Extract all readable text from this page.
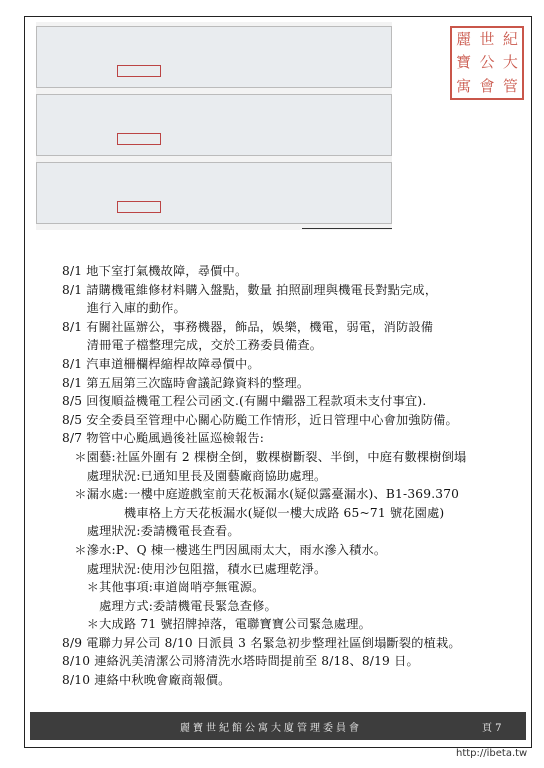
麗 世 紀
寶 公 大
寓 會 管
8/1 地下室打氣機故障，尋價中。
8/1 請購機電維修材料購入盤點，數量 拍照副理與機電長對點完成，
　　進行入庫的動作。
8/1 有關社區辦公，事務機器，飾品，娛樂，機電，弱電，消防設備
　　清冊電子檔整理完成，交於工務委員備查。
8/1 汽車道柵欄桿縮桿故障尋價中。
8/1 第五屆第三次臨時會議記錄資料的整理。
8/5 回復順益機電工程公司函文.(有關中繼器工程款項未支付事宜).
8/5 安全委員至管理中心關心防颱工作情形，近日管理中心會加強防備。
8/7 物管中心颱風過後社區巡檢報告:
　＊園藝:社區外圍有 2 棵樹全倒，數棵樹斷裂、半倒，中庭有數棵樹倒塌
　　處理狀況:已通知里長及園藝廠商協助處理。
　＊漏水處:一樓中庭遊戲室前天花板漏水(疑似露臺漏水)、B1-369.370
　　　　　機車格上方天花板漏水(疑似一樓大成路 65~71 號花園處)
　　處理狀況:委請機電長查看。
　＊滲水:P、Q 棟一樓逃生門因風雨太大，雨水滲入積水。
　　處理狀況:使用沙包阻擋，積水已處理乾淨。
　　＊其他事項:車道崗哨亭無電源。
　　　處理方式:委請機電長緊急查修。
　　＊大成路 71 號招牌掉落，電聯寶寶公司緊急處理。
8/9 電聯力昇公司 8/10 日派員 3 名緊急初步整理社區倒塌斷裂的植栽。
8/10 連絡汎美清潔公司將清洗水塔時間提前至 8/18、8/19 日。
8/10 連絡中秋晚會廠商報價。
麗寶世紀館公寓大廈管理委員會	頁 7
http://ibeta.tw
